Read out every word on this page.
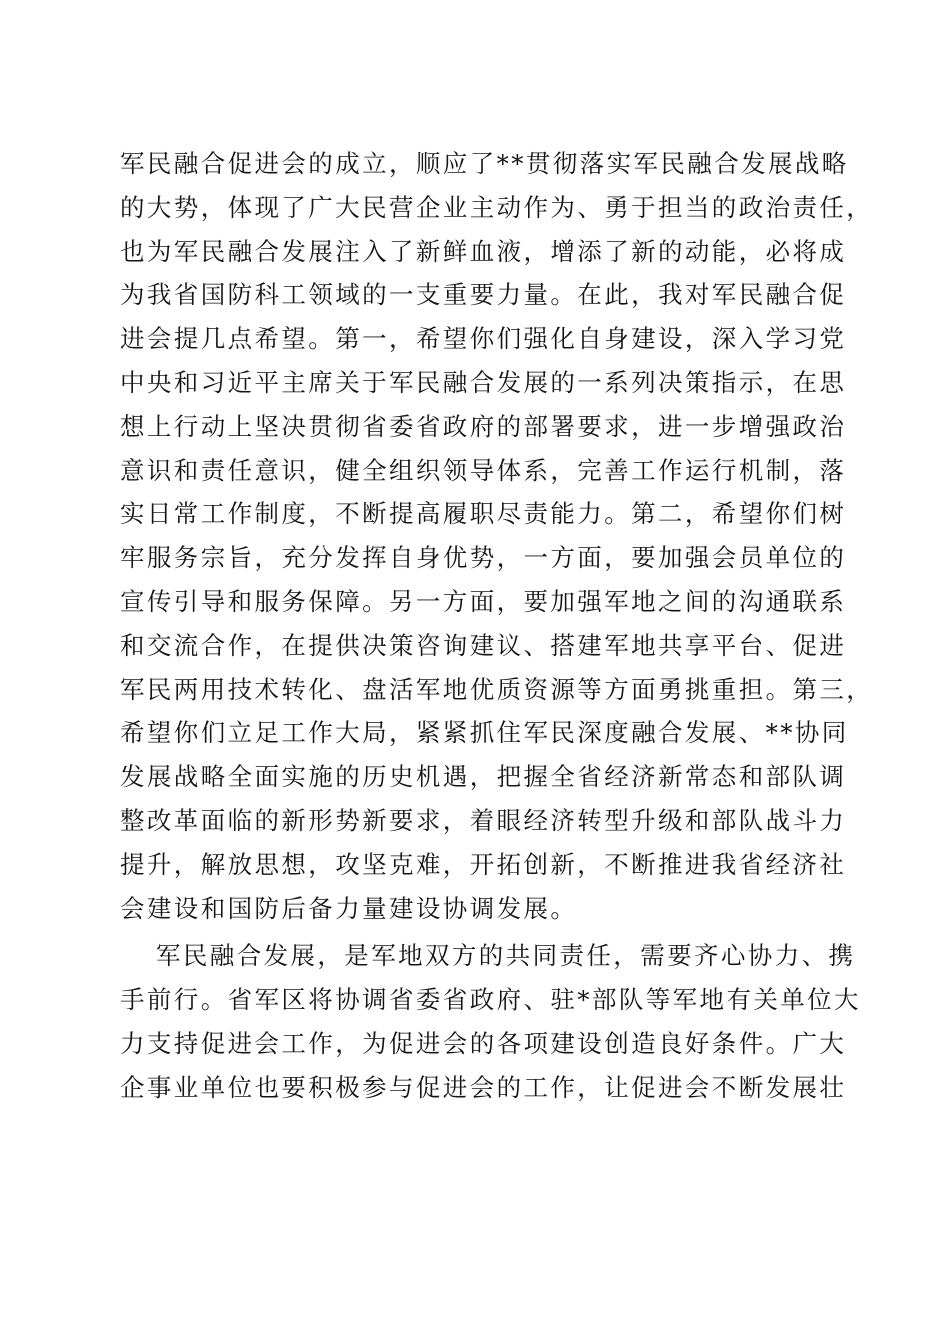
军民融合促进会的成立，顺应了**贯彻落实军民融合发展战略
的大势，体现了广大民营企业主动作为、勇于担当的政治责任，
也为军民融合发展注入了新鲜血液，增添了新的动能，必将成
为我省国防科工领域的一支重要力量。在此，我对军民融合促
进会提几点希望。第一，希望你们强化自身建设，深入学习党
中央和习近平主席关于军民融合发展的一系列决策指示，在思
想上行动上坚决贯彻省委省政府的部署要求，进一步增强政治
意识和责任意识，健全组织领导体系，完善工作运行机制，落
实日常工作制度，不断提高履职尽责能力。第二，希望你们树
牢服务宗旨，充分发挥自身优势，一方面，要加强会员单位的
宣传引导和服务保障。另一方面，要加强军地之间的沟通联系
和交流合作，在提供决策咨询建议、搭建军地共享平台、促进
军民两用技术转化、盘活军地优质资源等方面勇挑重担。第三，
希望你们立足工作大局，紧紧抓住军民深度融合发展、**协同
发展战略全面实施的历史机遇，把握全省经济新常态和部队调
整改革面临的新形势新要求，着眼经济转型升级和部队战斗力
提升，解放思想，攻坚克难，开拓创新，不断推进我省经济社
会建设和国防后备力量建设协调发展。
军民融合发展，是军地双方的共同责任，需要齐心协力、携
手前行。省军区将协调省委省政府、驻*部队等军地有关单位大
力支持促进会工作，为促进会的各项建设创造良好条件。广大
企事业单位也要积极参与促进会的工作，让促进会不断发展壮
